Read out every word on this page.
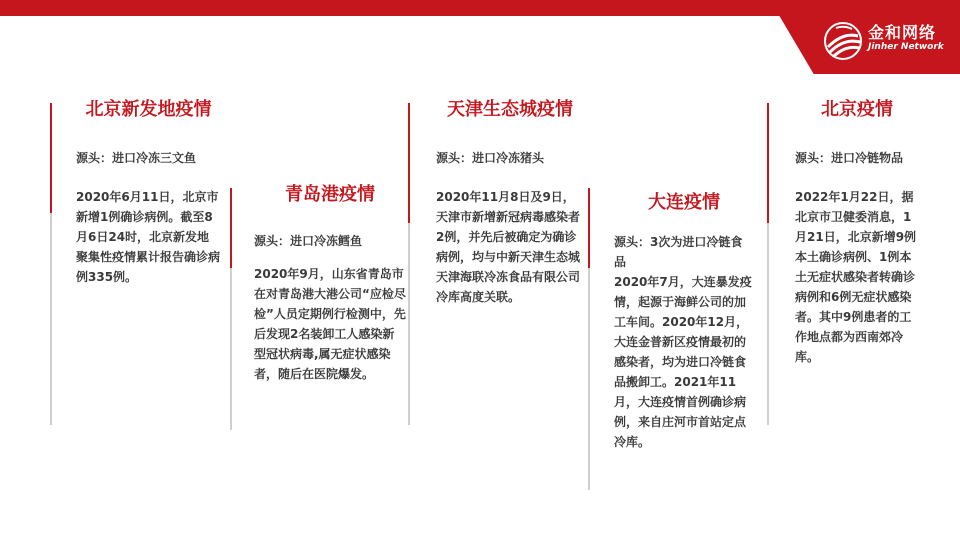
金和网络
Jinher Network
北京新发地疫情

源头：进口冷冻三文鱼

2020年6月11日，北京市新增1例确诊病例。截至8月6日24时，北京新发地聚集性疫情累计报告确诊病例335例。

青岛港疫情

源头：进口冷冻鳕鱼

2020年9月，山东省青岛市在对青岛港大港公司“应检尽检”人员定期例行检测中，先后发现2名装卸工人感染新型冠状病毒,属无症状感染者，随后在医院爆发。

天津生态城疫情

源头：进口冷冻猪头

2020年11月8日及9日，天津市新增新冠病毒感染者2例，并先后被确定为确诊病例，均与中新天津生态城天津海联冷冻食品有限公司冷库高度关联。

大连疫情

源头：3次为进口冷链食品

2020年7月，大连暴发疫情，起源于海鲜公司的加工车间。2020年12月，大连金普新区疫情最初的感染者，均为进口冷链食品搬卸工。2021年11月，大连疫情首例确诊病例，来自庄河市首站定点冷库。

北京疫情

源头：进口冷链物品

2022年1月22日，据北京市卫健委消息，1月21日，北京新增9例本土确诊病例、1例本土无症状感染者转确诊病例和6例无症状感染者。其中9例患者的工作地点都为西南郊冷库。
